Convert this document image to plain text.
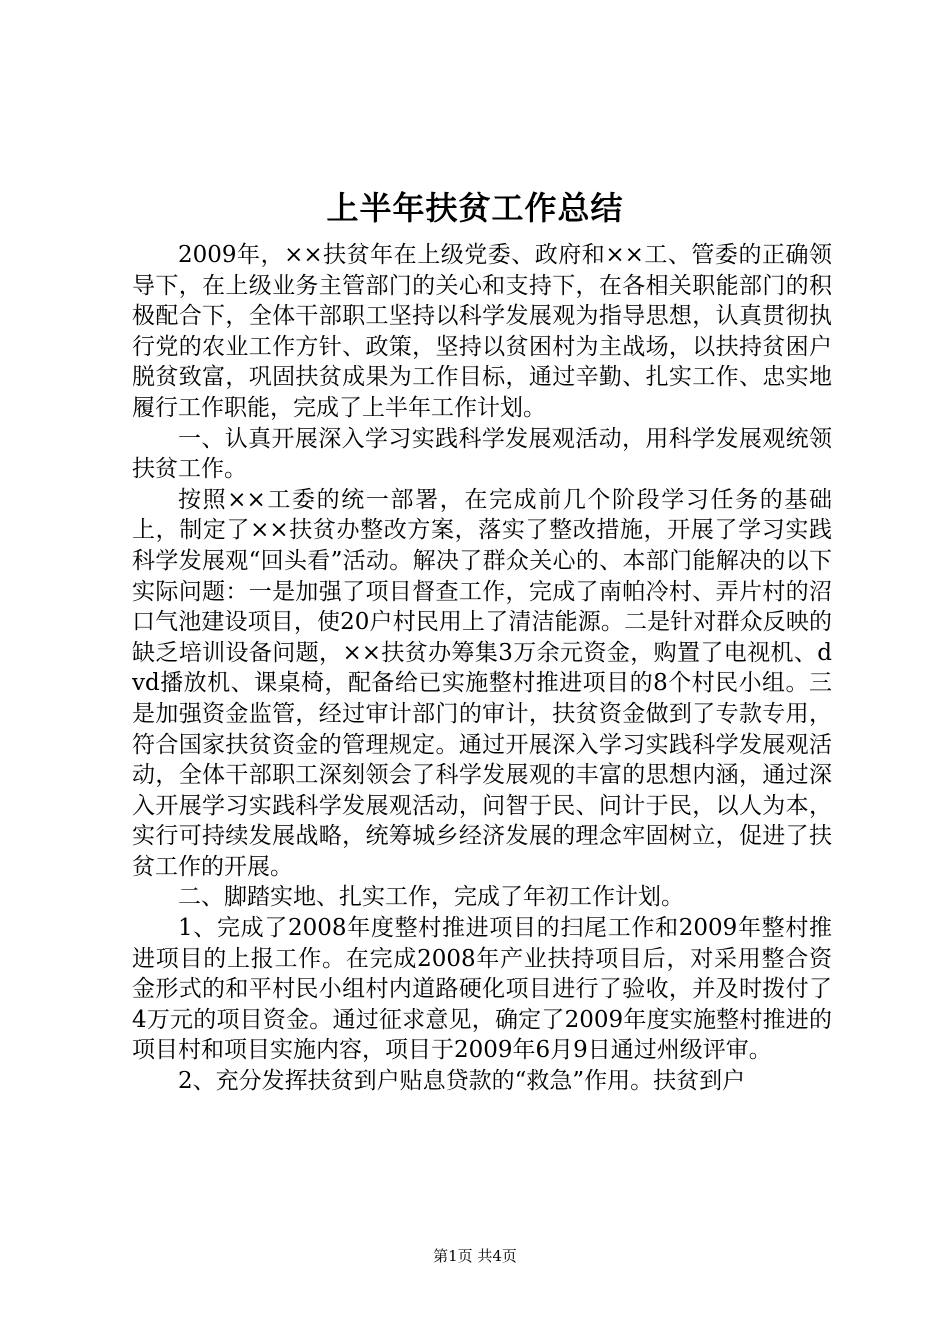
上半年扶贫工作总结

2009年，××扶贫年在上级党委、政府和××工、管委的正确领导下，在上级业务主管部门的关心和支持下，在各相关职能部门的积极配合下，全体干部职工坚持以科学发展观为指导思想，认真贯彻执行党的农业工作方针、政策，坚持以贫困村为主战场，以扶持贫困户脱贫致富，巩固扶贫成果为工作目标，通过辛勤、扎实工作、忠实地履行工作职能，完成了上半年工作计划。

一、认真开展深入学习实践科学发展观活动，用科学发展观统领扶贫工作。

按照××工委的统一部署，在完成前几个阶段学习任务的基础上，制定了××扶贫办整改方案，落实了整改措施，开展了学习实践科学发展观“回头看”活动。解决了群众关心的、本部门能解决的以下实际问题：一是加强了项目督查工作，完成了南帕冷村、弄片村的沼口气池建设项目，使20户村民用上了清洁能源。二是针对群众反映的缺乏培训设备问题，××扶贫办筹集3万余元资金，购置了电视机、dvd播放机、课桌椅，配备给已实施整村推进项目的8个村民小组。三是加强资金监管，经过审计部门的审计，扶贫资金做到了专款专用，符合国家扶贫资金的管理规定。通过开展深入学习实践科学发展观活动，全体干部职工深刻领会了科学发展观的丰富的思想内涵，通过深入开展学习实践科学发展观活动，问智于民、问计于民，以人为本，实行可持续发展战略，统筹城乡经济发展的理念牢固树立，促进了扶贫工作的开展。

二、脚踏实地、扎实工作，完成了年初工作计划。

1、完成了2008年度整村推进项目的扫尾工作和2009年整村推进项目的上报工作。在完成2008年产业扶持项目后，对采用整合资金形式的和平村民小组村内道路硬化项目进行了验收，并及时拨付了4万元的项目资金。通过征求意见，确定了2009年度实施整村推进的项目村和项目实施内容，项目于2009年6月9日通过州级评审。

2、充分发挥扶贫到户贴息贷款的“救急”作用。扶贫到户

第1页 共4页
